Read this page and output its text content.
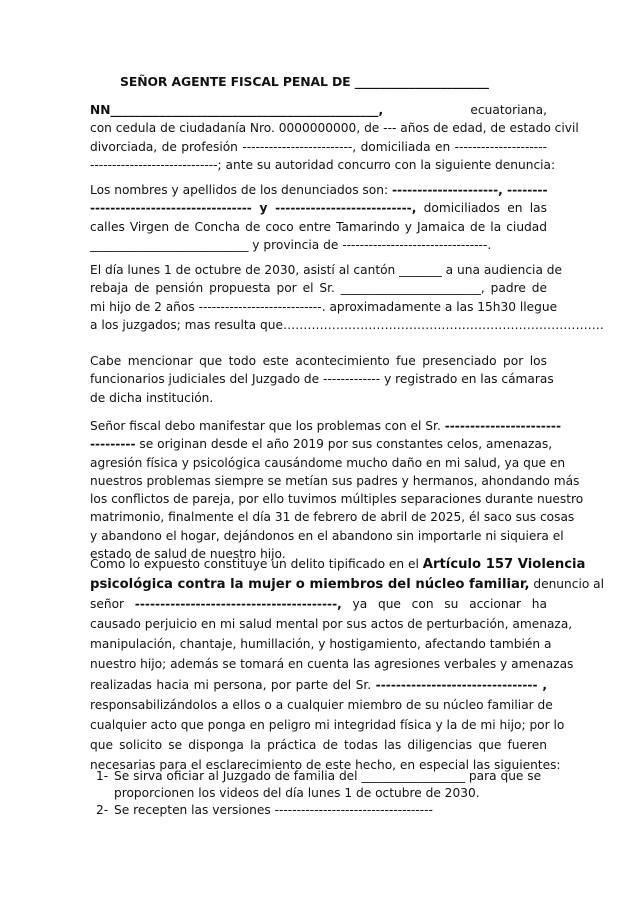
SEÑOR AGENTE FISCAL PENAL DE ______________________
NN____________________________________________, ecuatoriana,
con cedula de ciudadanía Nro. 0000000000, de --- años de edad, de estado civil
divorciada, de profesión -------------------------, domiciliada en ---------------------
-----------------------------; ante su autoridad concurro con la siguiente denuncia:
Los nombres y apellidos de los denunciados son: ---------------------, --------
-------------------------------- y ---------------------------, domiciliados en las
calles Virgen de Concha de coco entre Tamarindo y Jamaica de la ciudad
__________________________ y provincia de ---------------------------------.
El día lunes 1 de octubre de 2030, asistí al cantón _______ a una audiencia de
rebaja de pensión propuesta por el Sr. _______________________, padre de
mi hijo de 2 años ----------------------------. aproximadamente a las 15h30 llegue
a los juzgados; mas resulta que…………………………………………………………………….
Cabe mencionar que todo este acontecimiento fue presenciado por los
funcionarios judiciales del Juzgado de ------------- y registrado en las cámaras
de dicha institución.
Señor fiscal debo manifestar que los problemas con el Sr. -----------------------
--------- se originan desde el año 2019 por sus constantes celos, amenazas,
agresión física y psicológica causándome mucho daño en mi salud, ya que en
nuestros problemas siempre se metían sus padres y hermanos, ahondando más
los conflictos de pareja, por ello tuvimos múltiples separaciones durante nuestro
matrimonio, finalmente el día 31 de febrero de abril de 2025, él saco sus cosas
y abandono el hogar, dejándonos en el abandono sin importarle ni siquiera el
estado de salud de nuestro hijo.
Como lo expuesto constituye un delito tipificado en el Artículo 157 Violencia
psicológica contra la mujer o miembros del núcleo familiar, denuncio al
señor ----------------------------------------, ya que con su accionar ha
causado perjuicio en mi salud mental por sus actos de perturbación, amenaza,
manipulación, chantaje, humillación, y hostigamiento, afectando también a
nuestro hijo; además se tomará en cuenta las agresiones verbales y amenazas
realizadas hacia mi persona, por parte del Sr. -------------------------------- ,
responsabilizándolos a ellos o a cualquier miembro de su núcleo familiar de
cualquier acto que ponga en peligro mi integridad física y la de mi hijo; por lo
que solicito se disponga la práctica de todas las diligencias que fueren
necesarias para el esclarecimiento de este hecho, en especial las siguientes:
1- Se sirva oficiar al Juzgado de familia del _________________ para que se
proporcionen los videos del día lunes 1 de octubre de 2030.
2- Se recepten las versiones ------------------------------------
